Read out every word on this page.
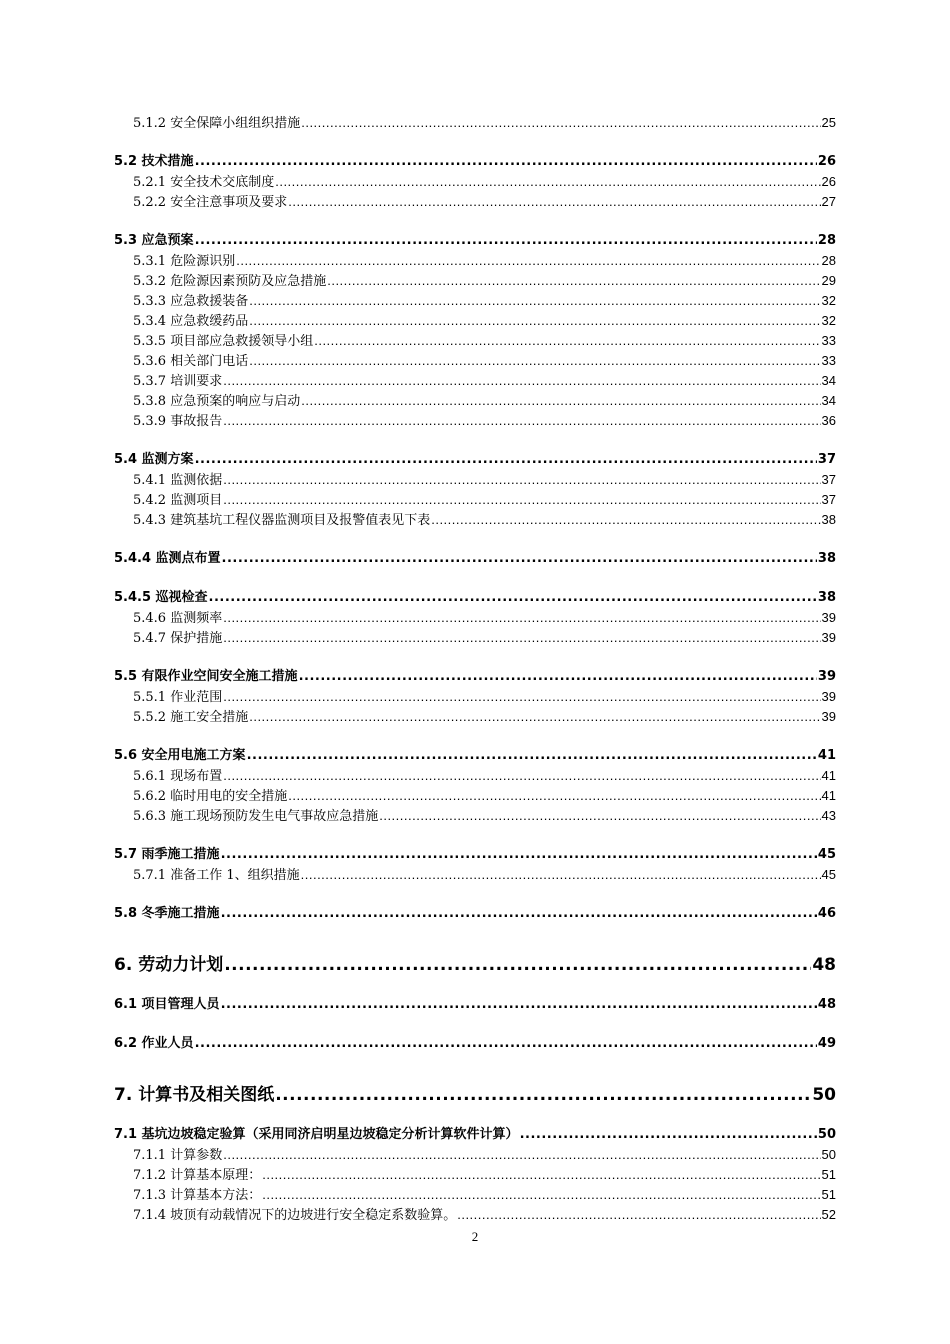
5.1.2 安全保障小组组织措施 .....	25
5.2 技术措施 .....	26
5.2.1 安全技术交底制度 .....	26
5.2.2 安全注意事项及要求 .....	27
5.3 应急预案 .....	28
5.3.1 危险源识别 .....	28
5.3.2 危险源因素预防及应急措施 .....	29
5.3.3 应急救援装备 .....	32
5.3.4 应急救缓药品 .....	32
5.3.5 项目部应急救援领导小组 .....	33
5.3.6 相关部门电话 .....	33
5.3.7 培训要求 .....	34
5.3.8 应急预案的响应与启动 .....	34
5.3.9 事故报告 .....	36
5.4 监测方案 .....	37
5.4.1 监测依据 .....	37
5.4.2 监测项目 .....	37
5.4.3 建筑基坑工程仪器监测项目及报警值表见下表 .....	38
5.4.4 监测点布置 .....	38
5.4.5 巡视检查 .....	38
5.4.6 监测频率 .....	39
5.4.7 保护措施 .....	39
5.5 有限作业空间安全施工措施 .....	39
5.5.1 作业范围 .....	39
5.5.2 施工安全措施 .....	39
5.6 安全用电施工方案 .....	41
5.6.1 现场布置 .....	41
5.6.2 临时用电的安全措施 .....	41
5.6.3 施工现场预防发生电气事故应急措施 .....	43
5.7 雨季施工措施 .....	45
5.7.1 准备工作 1、组织措施 .....	45
5.8 冬季施工措施 .....	46
6. 劳动力计划 .....	48
6.1 项目管理人员 .....	48
6.2 作业人员 .....	49
7. 计算书及相关图纸 .....	50
7.1 基坑边坡稳定验算（采用同济启明星边坡稳定分析计算软件计算） .....	50
7.1.1 计算参数 .....	50
7.1.2 计算基本原理： .....	51
7.1.3 计算基本方法： .....	51
7.1.4 坡顶有动载情况下的边坡进行安全稳定系数验算。 .....	52
2
